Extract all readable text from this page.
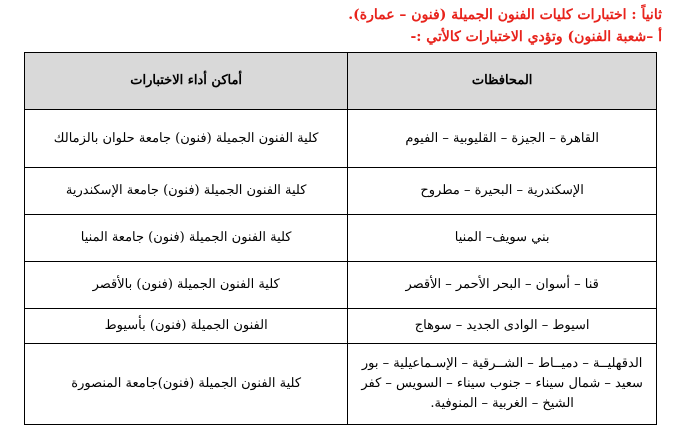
ثانياً : اختبارات كليات الفنون الجميلة (فنون – عمارة).
أ –شعبة الفنون) وتؤدي الاختبارات كالأتي :-
المحافظات	أماكن أداء الاختبارات
القاهرة – الجيزة – القليوبية – الفيوم	كلية الفنون الجميلة (فنون) جامعة حلوان بالزمالك
الإسكندرية – البحيرة – مطروح	كلية الفنون الجميلة (فنون) جامعة الإسكندرية
بني سويف– المنيا	كلية الفنون الجميلة (فنون) جامعة المنيا
قنا – أسوان – البحر الأحمر – الأقصر	كلية الفنون الجميلة (فنون) بالأقصر
اسيوط – الوادى الجديد – سوهاج	الفنون الجميلة (فنون) بأسيوط
الدقهليــة – دميــاط – الشــرقية – الإسـماعيلية – بور سعيد – شمال سيناء – جنوب سيناء – السويس – كفر الشيخ – الغربية – المنوفية.	كلية الفنون الجميلة (فنون)جامعة المنصورة
